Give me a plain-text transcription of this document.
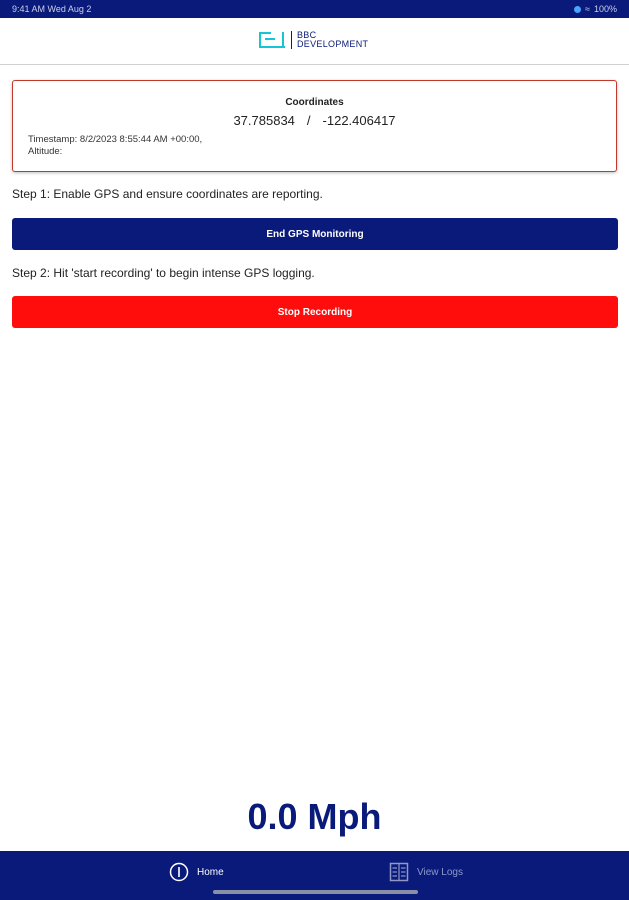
9:41 AM Wed Aug 2	≈ 100%
BBC
DEVELOPMENT
Coordinates
37.785834 / -122.406417
Timestamp: 8/2/2023 8:55:44 AM +00:00,
Altitude:
Step 1: Enable GPS and ensure coordinates are reporting.
End GPS Monitoring
Step 2: Hit 'start recording' to begin intense GPS logging.
Stop Recording
0.0 Mph
Home	View Logs
